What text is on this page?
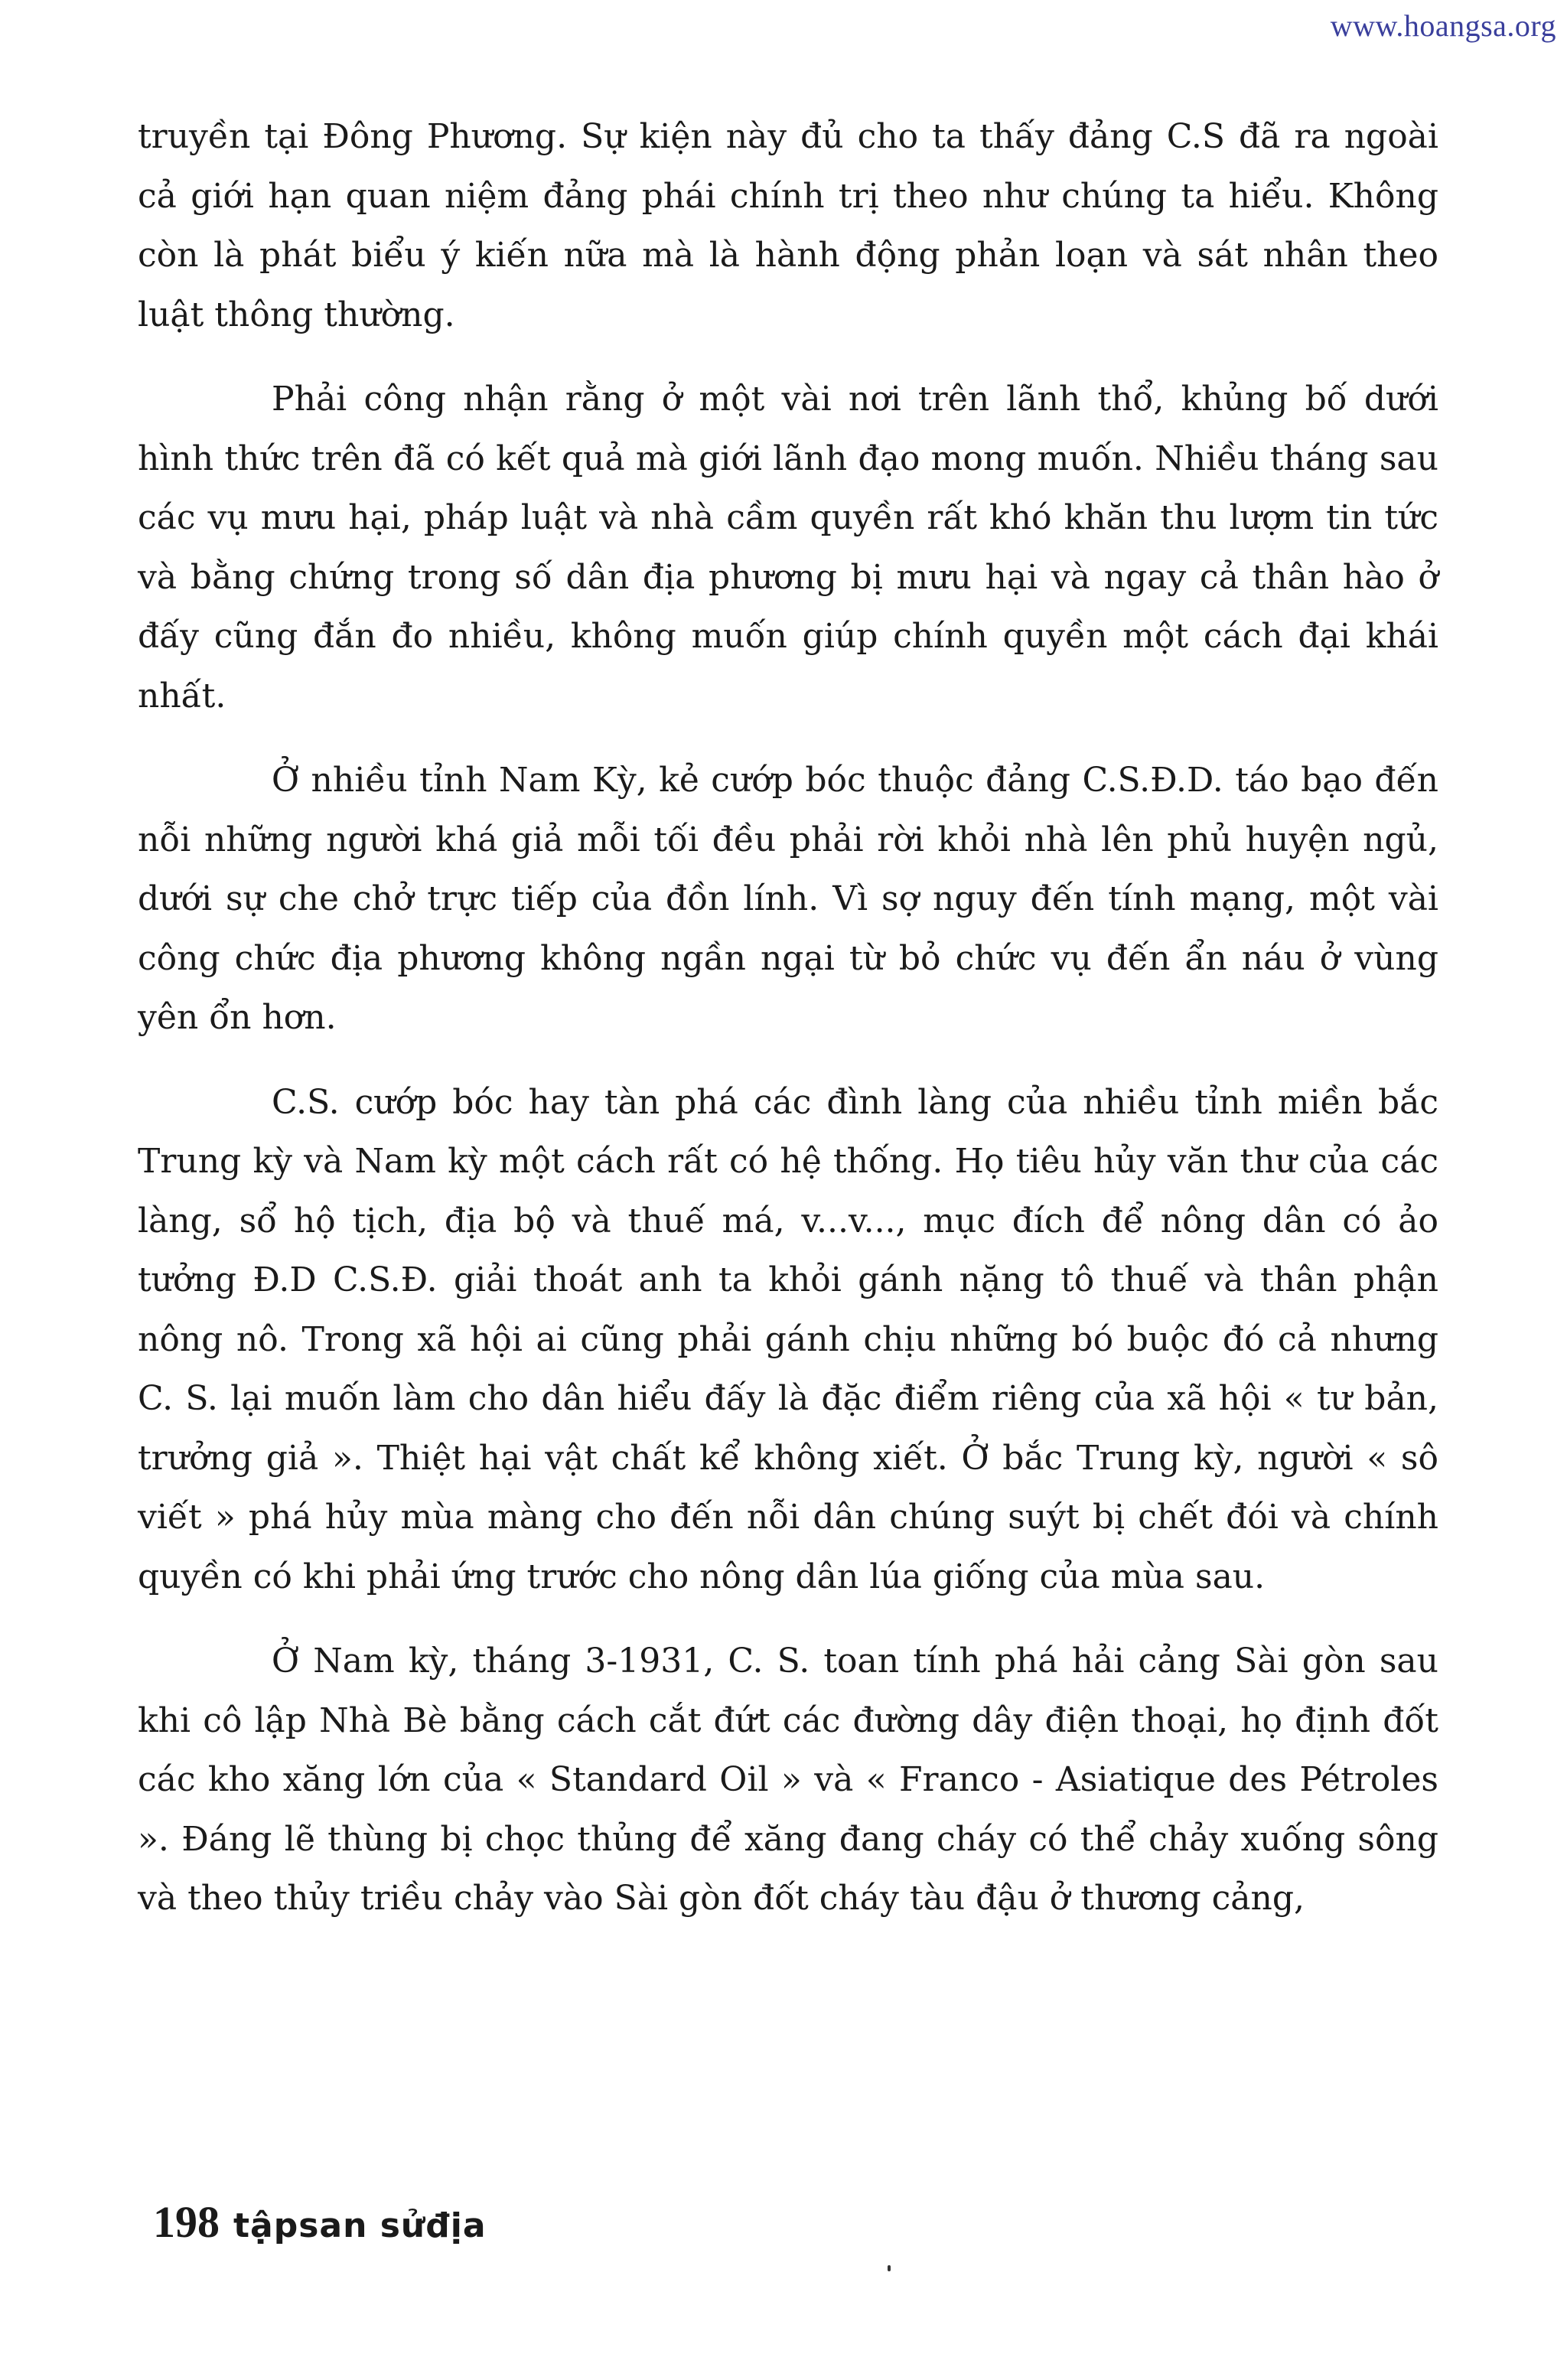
www.hoangsa.org

truyền tại Đông Phương. Sự kiện này đủ cho ta thấy đảng C.S đã ra ngoài cả giới hạn quan niệm đảng phái chính trị theo như chúng ta hiểu. Không còn là phát biểu ý kiến nữa mà là hành động phản loạn và sát nhân theo luật thông thường.

Phải công nhận rằng ở một vài nơi trên lãnh thổ, khủng bố dưới hình thức trên đã có kết quả mà giới lãnh đạo mong muốn. Nhiều tháng sau các vụ mưu hại, pháp luật và nhà cầm quyền rất khó khăn thu lượm tin tức và bằng chứng trong số dân địa phương bị mưu hại và ngay cả thân hào ở đấy cũng đắn đo nhiều, không muốn giúp chính quyền một cách đại khái nhất.

Ở nhiều tỉnh Nam Kỳ, kẻ cướp bóc thuộc đảng C.S.Đ.D. táo bạo đến nỗi những người khá giả mỗi tối đều phải rời khỏi nhà lên phủ huyện ngủ, dưới sự che chở trực tiếp của đồn lính. Vì sợ nguy đến tính mạng, một vài công chức địa phương không ngần ngại từ bỏ chức vụ đến ẩn náu ở vùng yên ổn hơn.

C.S. cướp bóc hay tàn phá các đình làng của nhiều tỉnh miền bắc Trung kỳ và Nam kỳ một cách rất có hệ thống. Họ tiêu hủy văn thư của các làng, sổ hộ tịch, địa bộ và thuế má, v...v..., mục đích để nông dân có ảo tưởng Đ.D C.S.Đ. giải thoát anh ta khỏi gánh nặng tô thuế và thân phận nông nô. Trong xã hội ai cũng phải gánh chịu những bó buộc đó cả nhưng C. S. lại muốn làm cho dân hiểu đấy là đặc điểm riêng của xã hội « tư bản, trưởng giả ». Thiệt hại vật chất kể không xiết. Ở bắc Trung kỳ, người « sô viết » phá hủy mùa màng cho đến nỗi dân chúng suýt bị chết đói và chính quyền có khi phải ứng trước cho nông dân lúa giống của mùa sau.

Ở Nam kỳ, tháng 3-1931, C. S. toan tính phá hải cảng Sài gòn sau khi cô lập Nhà Bè bằng cách cắt đứt các đường dây điện thoại, họ định đốt các kho xăng lớn của « Standard Oil » và « Franco - Asiatique des Pétroles ». Đáng lẽ thùng bị chọc thủng để xăng đang cháy có thể chảy xuống sông và theo thủy triều chảy vào Sài gòn đốt cháy tàu đậu ở thương cảng,

198 tậpsan sửđịa
